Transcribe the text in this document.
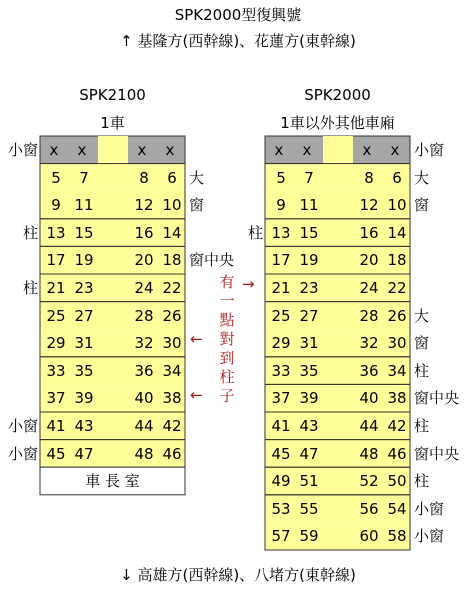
SPK2000型復興號
↑ 基隆方(西幹線)、花蓮方(東幹線)
SPK2100
1車
SPK2000
1車以外其他車廂
x	x	x	x
5	7	8	6
9 11	12 10
13 15	16 14
17 19	20 18
21 23	24 22
25 27	28 26
29 31	32 30
33 35	36 34
37 39	40 38
41 43	44 42
45 47	48 46
車 長 室
x	x	x	x
5	7	8	6
9 11	12 10
13 15	16 14
17 19	20 18
21 23	24 22
25 27	28 26
29 31	32 30
33 35	36 34
37 39	40 38
41 43	44 42
45 47	48 46
49 51	52 50
53 55	56 54
57 59	60 58
小窗
柱
柱
小窗
小窗
大
窗
窗中央
柱
小窗
大
窗
大
窗
柱
窗中央
柱
窗中央
柱
小窗
小窗
→
←
←
有
一
點
對
到
柱
子
↓ 高雄方(西幹線)、八堵方(東幹線)
